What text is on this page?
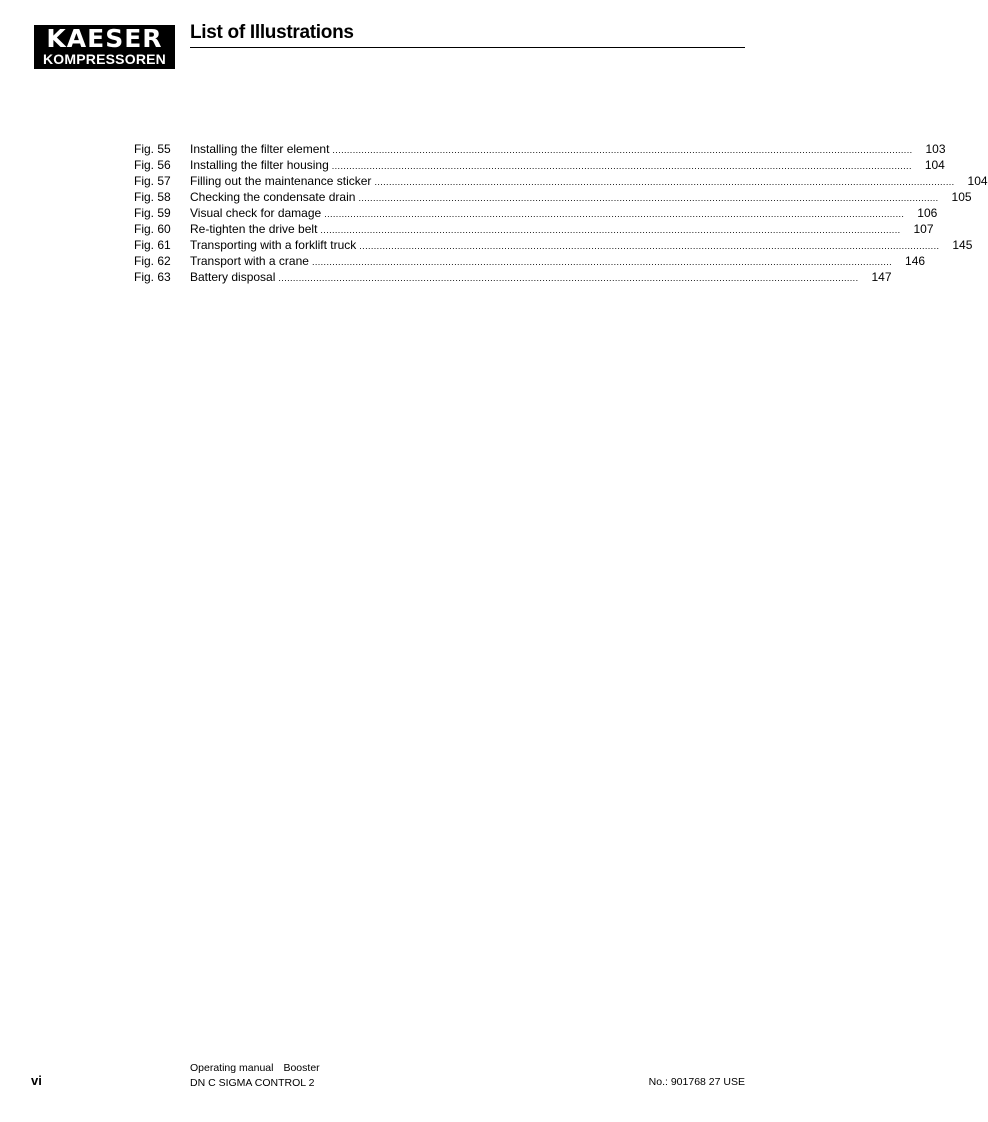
KAESER
KOMPRESSOREN
List of Illustrations
Fig. 55	Installing the filter element ........................................................................................................................................................................................................	103
Fig. 56	Installing the filter housing ........................................................................................................................................................................................................	104
Fig. 57	Filling out the maintenance sticker ........................................................................................................................................................................................................	104
Fig. 58	Checking the condensate drain ........................................................................................................................................................................................................	105
Fig. 59	Visual check for damage ........................................................................................................................................................................................................	106
Fig. 60	Re-tighten the drive belt ........................................................................................................................................................................................................	107
Fig. 61	Transporting with a forklift truck ........................................................................................................................................................................................................	145
Fig. 62	Transport with a crane ........................................................................................................................................................................................................	146
Fig. 63	Battery disposal ........................................................................................................................................................................................................	147
vi
Operating manual Booster
DN C SIGMA CONTROL 2	No.: 901768 27 USE
